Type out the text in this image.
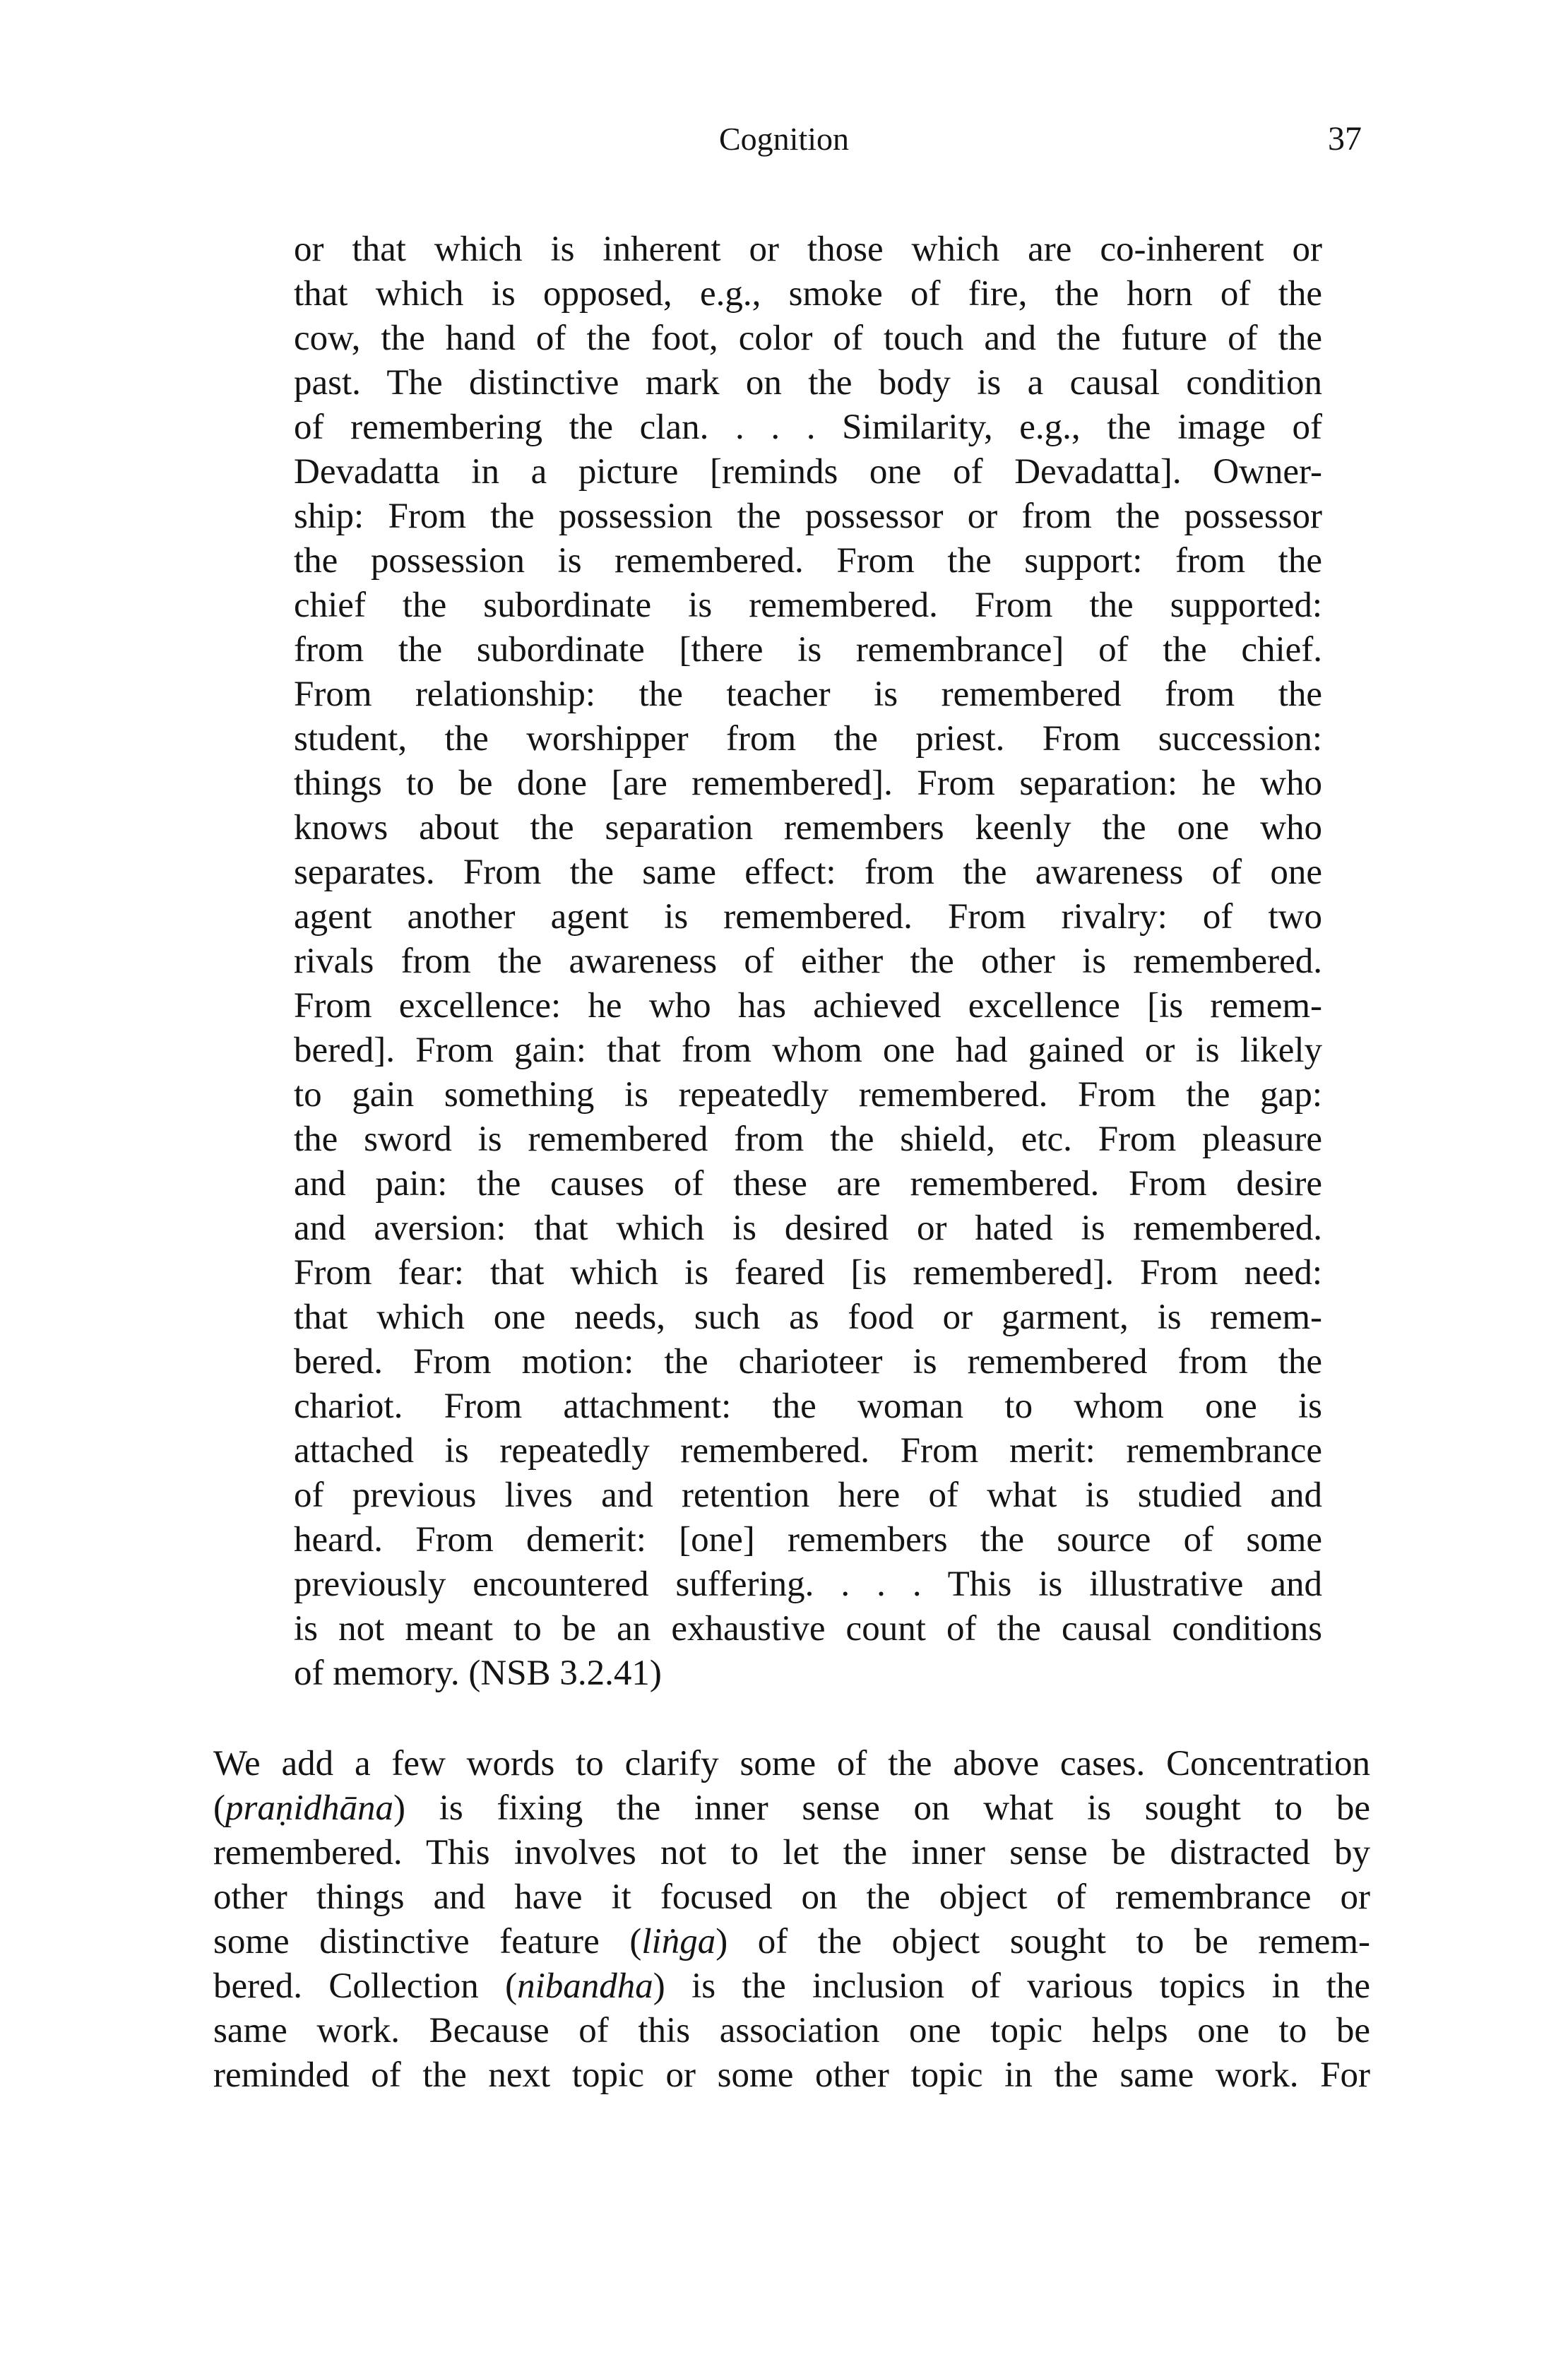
Cognition	37
or that which is inherent or those which are co-inherent or
that which is opposed, e.g., smoke of fire, the horn of the
cow, the hand of the foot, color of touch and the future of the
past. The distinctive mark on the body is a causal condition
of remembering the clan. . . . Similarity, e.g., the image of
Devadatta in a picture [reminds one of Devadatta]. Owner-
ship: From the possession the possessor or from the possessor
the possession is remembered. From the support: from the
chief the subordinate is remembered. From the supported:
from the subordinate [there is remembrance] of the chief.
From relationship: the teacher is remembered from the
student, the worshipper from the priest. From succession:
things to be done [are remembered]. From separation: he who
knows about the separation remembers keenly the one who
separates. From the same effect: from the awareness of one
agent another agent is remembered. From rivalry: of two
rivals from the awareness of either the other is remembered.
From excellence: he who has achieved excellence [is remem-
bered]. From gain: that from whom one had gained or is likely
to gain something is repeatedly remembered. From the gap:
the sword is remembered from the shield, etc. From pleasure
and pain: the causes of these are remembered. From desire
and aversion: that which is desired or hated is remembered.
From fear: that which is feared [is remembered]. From need:
that which one needs, such as food or garment, is remem-
bered. From motion: the charioteer is remembered from the
chariot. From attachment: the woman to whom one is
attached is repeatedly remembered. From merit: remembrance
of previous lives and retention here of what is studied and
heard. From demerit: [one] remembers the source of some
previously encountered suffering. . . . This is illustrative and
is not meant to be an exhaustive count of the causal conditions
of memory. (NSB 3.2.41)
We add a few words to clarify some of the above cases. Concentration
(praṇidhāna) is fixing the inner sense on what is sought to be
remembered. This involves not to let the inner sense be distracted by
other things and have it focused on the object of remembrance or
some distinctive feature (liṅga) of the object sought to be remem-
bered. Collection (nibandha) is the inclusion of various topics in the
same work. Because of this association one topic helps one to be
reminded of the next topic or some other topic in the same work. For
